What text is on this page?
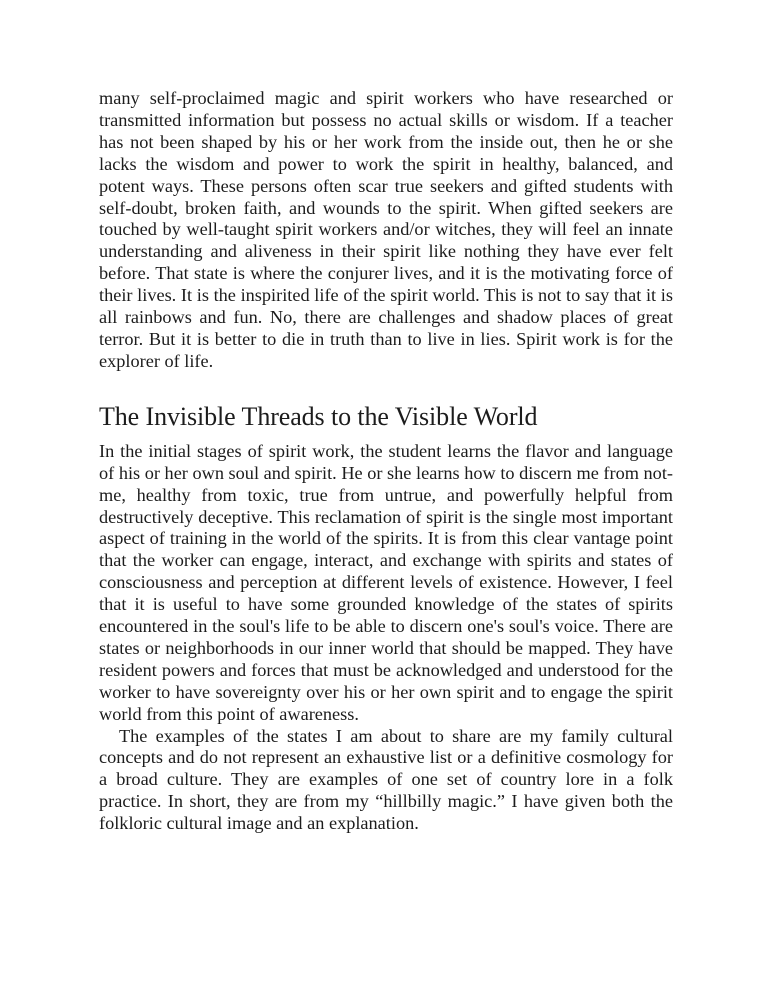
many self-proclaimed magic and spirit workers who have researched or transmitted information but possess no actual skills or wisdom. If a teacher has not been shaped by his or her work from the inside out, then he or she lacks the wisdom and power to work the spirit in healthy, balanced, and potent ways. These persons often scar true seekers and gifted students with self-doubt, broken faith, and wounds to the spirit. When gifted seekers are touched by well-taught spirit workers and/or witches, they will feel an innate understanding and aliveness in their spirit like nothing they have ever felt before. That state is where the conjurer lives, and it is the motivating force of their lives. It is the inspirited life of the spirit world. This is not to say that it is all rainbows and fun. No, there are challenges and shadow places of great terror. But it is better to die in truth than to live in lies. Spirit work is for the explorer of life.

The Invisible Threads to the Visible World

In the initial stages of spirit work, the student learns the flavor and language of his or her own soul and spirit. He or she learns how to discern me from not-me, healthy from toxic, true from untrue, and powerfully helpful from destructively deceptive. This reclamation of spirit is the single most important aspect of training in the world of the spirits. It is from this clear vantage point that the worker can engage, interact, and exchange with spirits and states of consciousness and perception at different levels of existence. However, I feel that it is useful to have some grounded knowledge of the states of spirits encountered in the soul's life to be able to discern one's soul's voice. There are states or neighborhoods in our inner world that should be mapped. They have resident powers and forces that must be acknowledged and understood for the worker to have sovereignty over his or her own spirit and to engage the spirit world from this point of awareness.

The examples of the states I am about to share are my family cultural concepts and do not represent an exhaustive list or a definitive cosmology for a broad culture. They are examples of one set of country lore in a folk practice. In short, they are from my “hillbilly magic.” I have given both the folkloric cultural image and an explanation.
